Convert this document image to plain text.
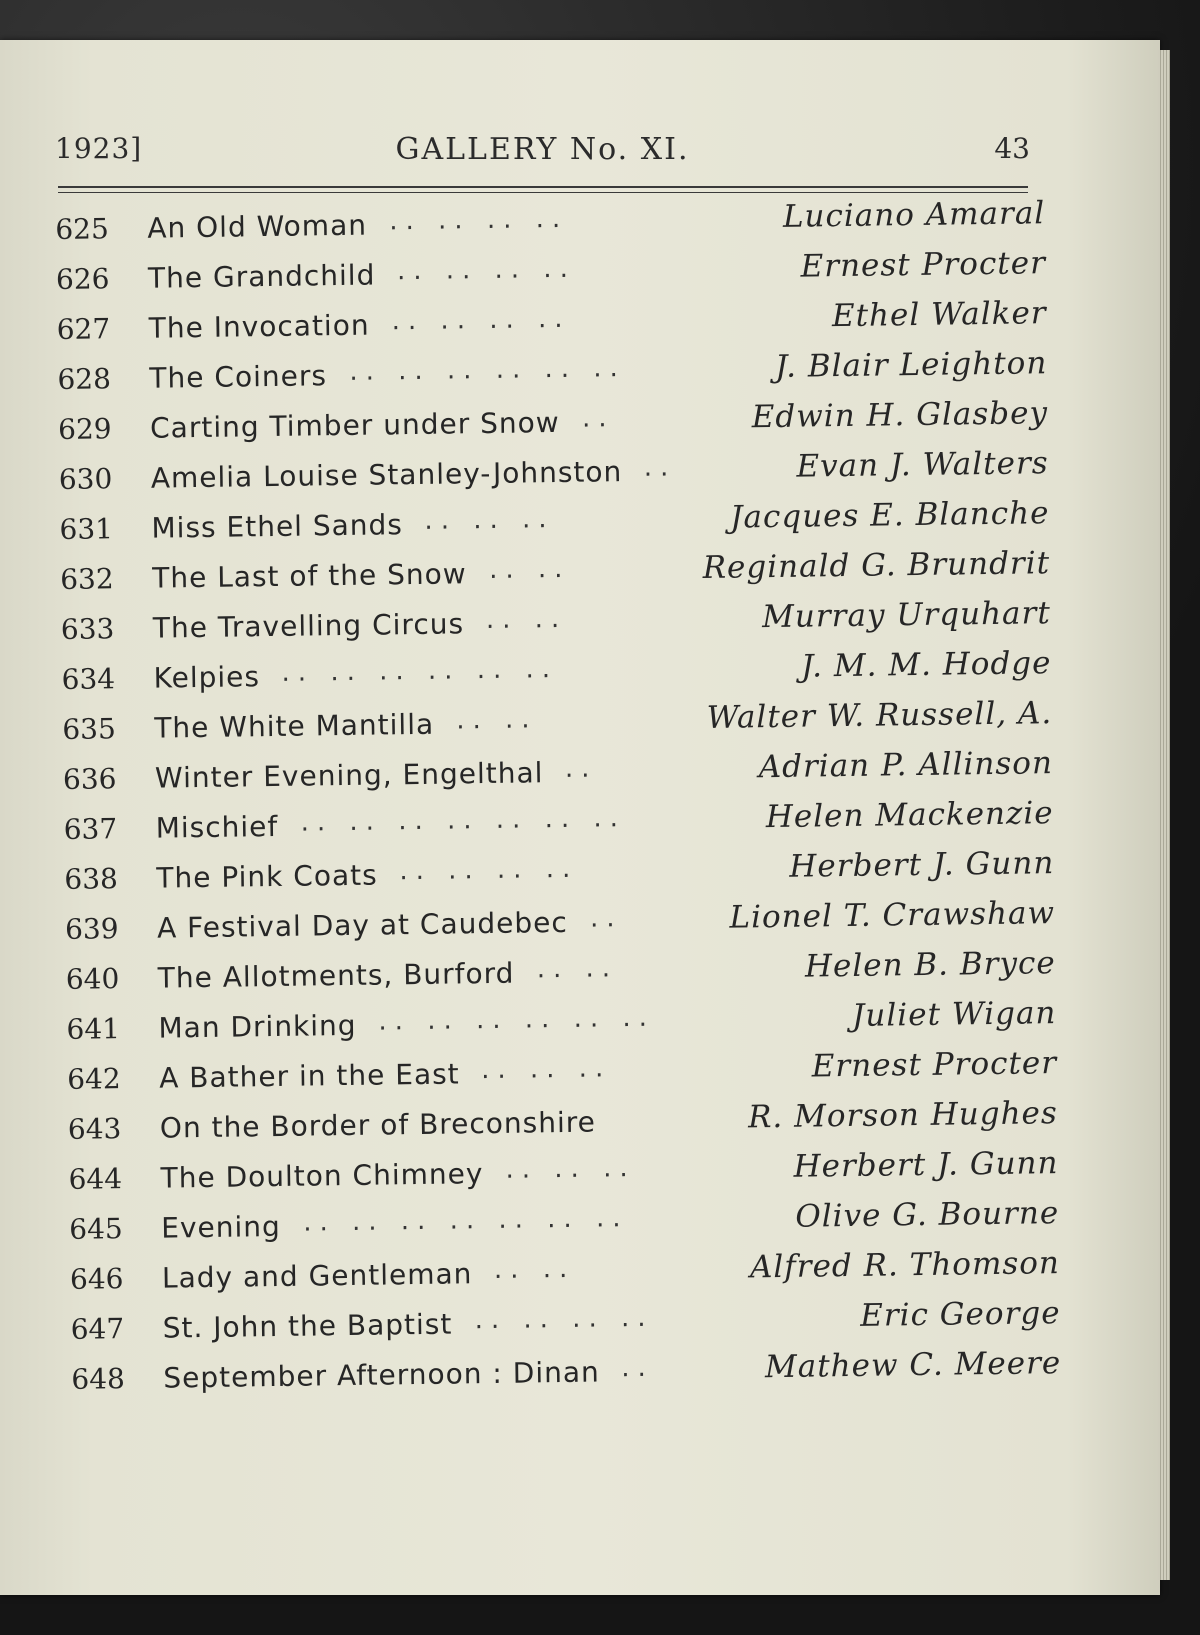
1923]	GALLERY No. XI.	43
625 An Old Woman .. .. .. ..	Luciano Amaral
626 The Grandchild .. .. .. ..	Ernest Procter
627 The Invocation .. .. .. ..	Ethel Walker
628 The Coiners .. .. .. .. .. ..	J. Blair Leighton
629 Carting Timber under Snow ..	Edwin H. Glasbey
630 Amelia Louise Stanley-Johnston ..	Evan J. Walters
631 Miss Ethel Sands .. .. ..	Jacques E. Blanche
632 The Last of the Snow .. ..	Reginald G. Brundrit
633 The Travelling Circus .. ..	Murray Urquhart
634 Kelpies .. .. .. .. .. ..	J. M. M. Hodge
635 The White Mantilla .. ..	Walter W. Russell, A.
636 Winter Evening, Engelthal ..	Adrian P. Allinson
637 Mischief .. .. .. .. .. .. ..	Helen Mackenzie
638 The Pink Coats .. .. .. ..	Herbert J. Gunn
639 A Festival Day at Caudebec ..	Lionel T. Crawshaw
640 The Allotments, Burford .. ..	Helen B. Bryce
641 Man Drinking .. .. .. .. .. ..	Juliet Wigan
642 A Bather in the East .. .. ..	Ernest Procter
643 On the Border of Breconshire	R. Morson Hughes
644 The Doulton Chimney .. .. ..	Herbert J. Gunn
645 Evening .. .. .. .. .. .. ..	Olive G. Bourne
646 Lady and Gentleman .. ..	Alfred R. Thomson
647 St. John the Baptist .. .. .. ..	Eric George
648 September Afternoon : Dinan ..	Mathew C. Meere
